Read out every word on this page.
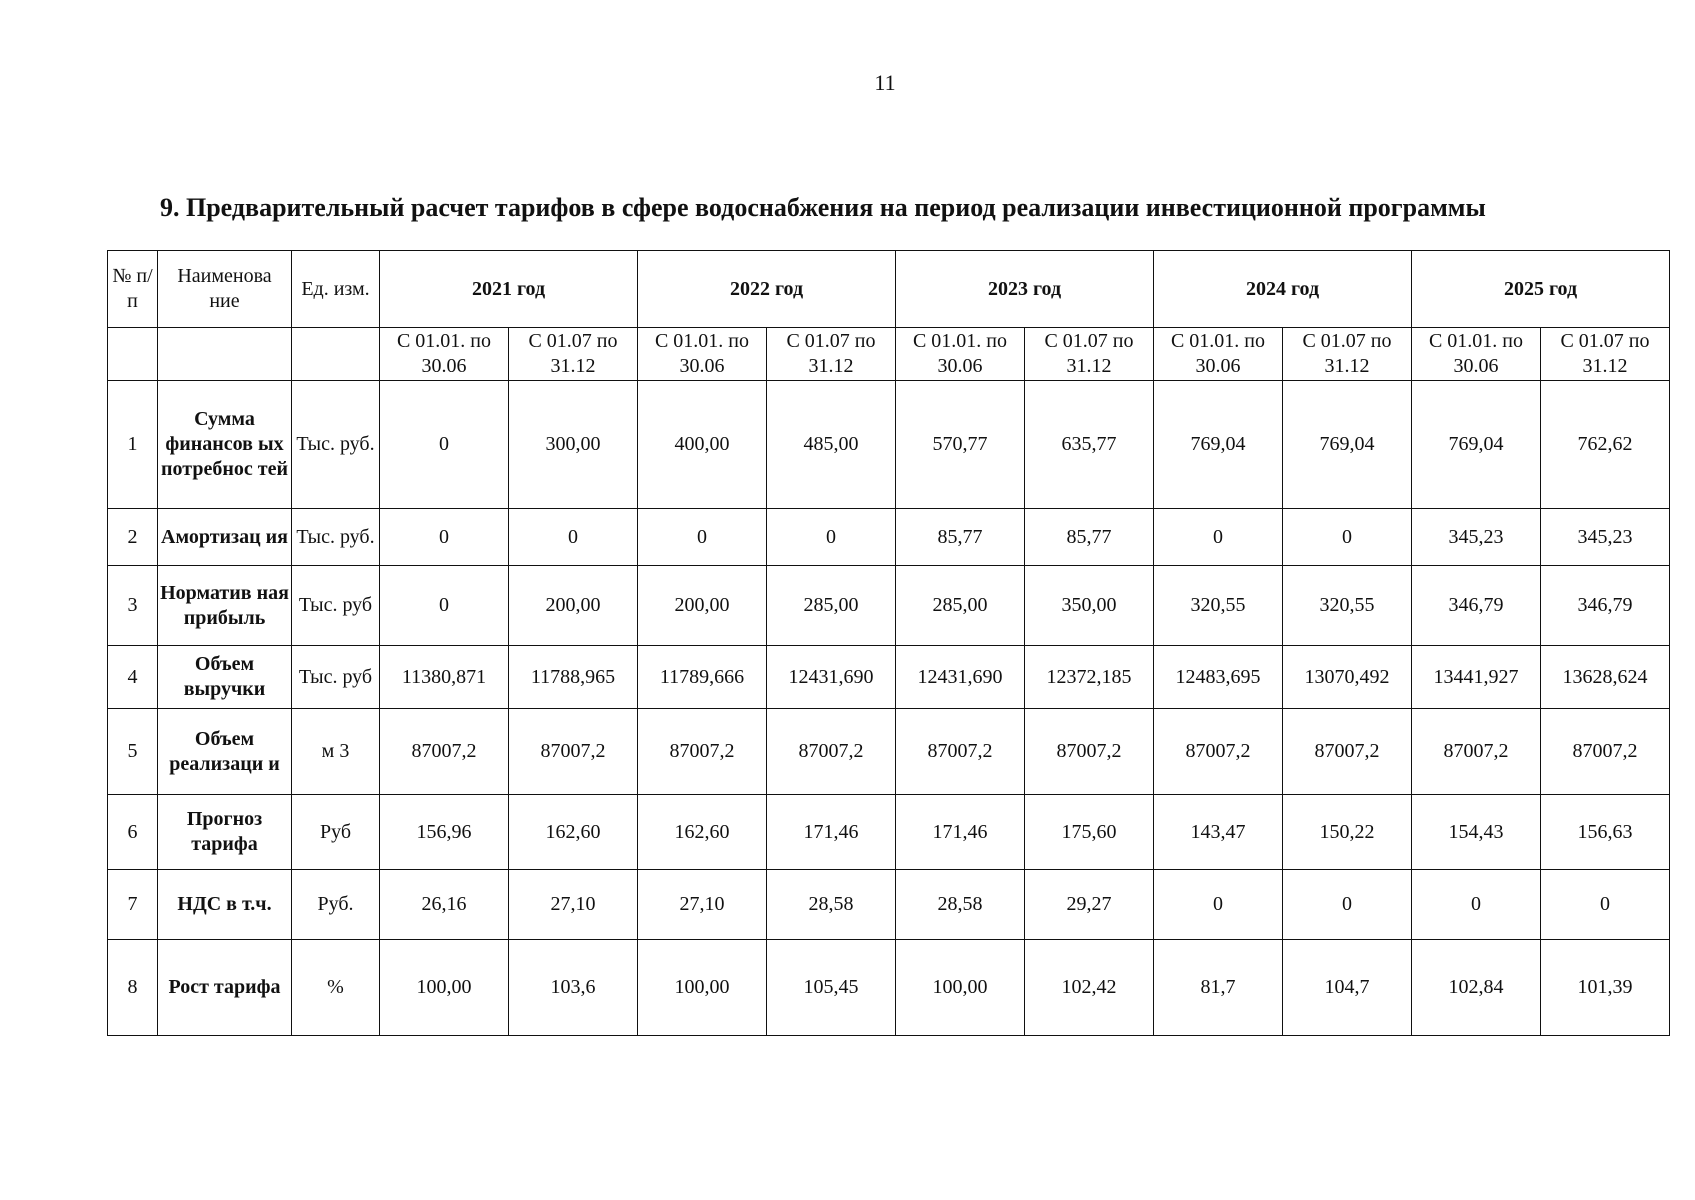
11
9. Предварительный расчет тарифов в сфере водоснабжения на период реализации инвестиционной программы
№ п/ п	Наименова ние	Ед. изм.	2021 год		2022 год		2023 год		2024 год		2025 год	
			С 01.01. по 30.06	С 01.07 по 31.12	С 01.01. по 30.06	С 01.07 по 31.12	С 01.01. по 30.06	С 01.07 по 31.12	С 01.01. по 30.06	С 01.07 по 31.12	С 01.01. по 30.06	С 01.07 по 31.12
1	Сумма финансов ых потребнос тей	Тыс. руб.	0	300,00	400,00	485,00	570,77	635,77	769,04	769,04	769,04	762,62
2	Амортизац ия	Тыс. руб.	0	0	0	0	85,77	85,77	0	0	345,23	345,23
3	Норматив ная прибыль	Тыс. руб	0	200,00	200,00	285,00	285,00	350,00	320,55	320,55	346,79	346,79
4	Объем выручки	Тыс. руб	11380,871	11788,965	11789,666	12431,690	12431,690	12372,185	12483,695	13070,492	13441,927	13628,624
5	Объем реализаци и	м 3	87007,2	87007,2	87007,2	87007,2	87007,2	87007,2	87007,2	87007,2	87007,2	87007,2
6	Прогноз тарифа	Руб	156,96	162,60	162,60	171,46	171,46	175,60	143,47	150,22	154,43	156,63
7	НДС в т.ч.	Руб.	26,16	27,10	27,10	28,58	28,58	29,27	0	0	0	0
8	Рост тарифа	%	100,00	103,6	100,00	105,45	100,00	102,42	81,7	104,7	102,84	101,39
